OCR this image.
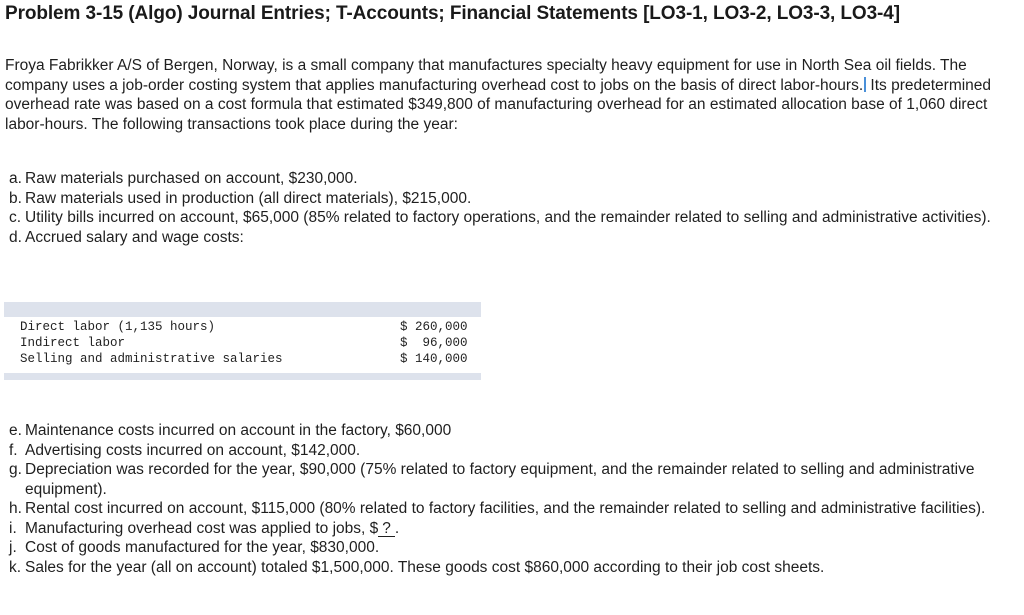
Problem 3-15 (Algo) Journal Entries; T-Accounts; Financial Statements [LO3-1, LO3-2, LO3-3, LO3-4]
Froya Fabrikker A/S of Bergen, Norway, is a small company that manufactures specialty heavy equipment for use in North Sea oil fields. The company uses a job-order costing system that applies manufacturing overhead cost to jobs on the basis of direct labor-hours. Its predetermined overhead rate was based on a cost formula that estimated $349,800 of manufacturing overhead for an estimated allocation base of 1,060 direct labor-hours. The following transactions took place during the year:
a. Raw materials purchased on account, $230,000.
b. Raw materials used in production (all direct materials), $215,000.
c. Utility bills incurred on account, $65,000 (85% related to factory operations, and the remainder related to selling and administrative activities).
d. Accrued salary and wage costs:
Direct labor (1,135 hours)	$ 260,000
Indirect labor	$  96,000
Selling and administrative salaries	$ 140,000
e. Maintenance costs incurred on account in the factory, $60,000
f. Advertising costs incurred on account, $142,000.
g. Depreciation was recorded for the year, $90,000 (75% related to factory equipment, and the remainder related to selling and administrative equipment).
h. Rental cost incurred on account, $115,000 (80% related to factory facilities, and the remainder related to selling and administrative facilities).
i. Manufacturing overhead cost was applied to jobs, $ ? .
j. Cost of goods manufactured for the year, $830,000.
k. Sales for the year (all on account) totaled $1,500,000. These goods cost $860,000 according to their job cost sheets.
